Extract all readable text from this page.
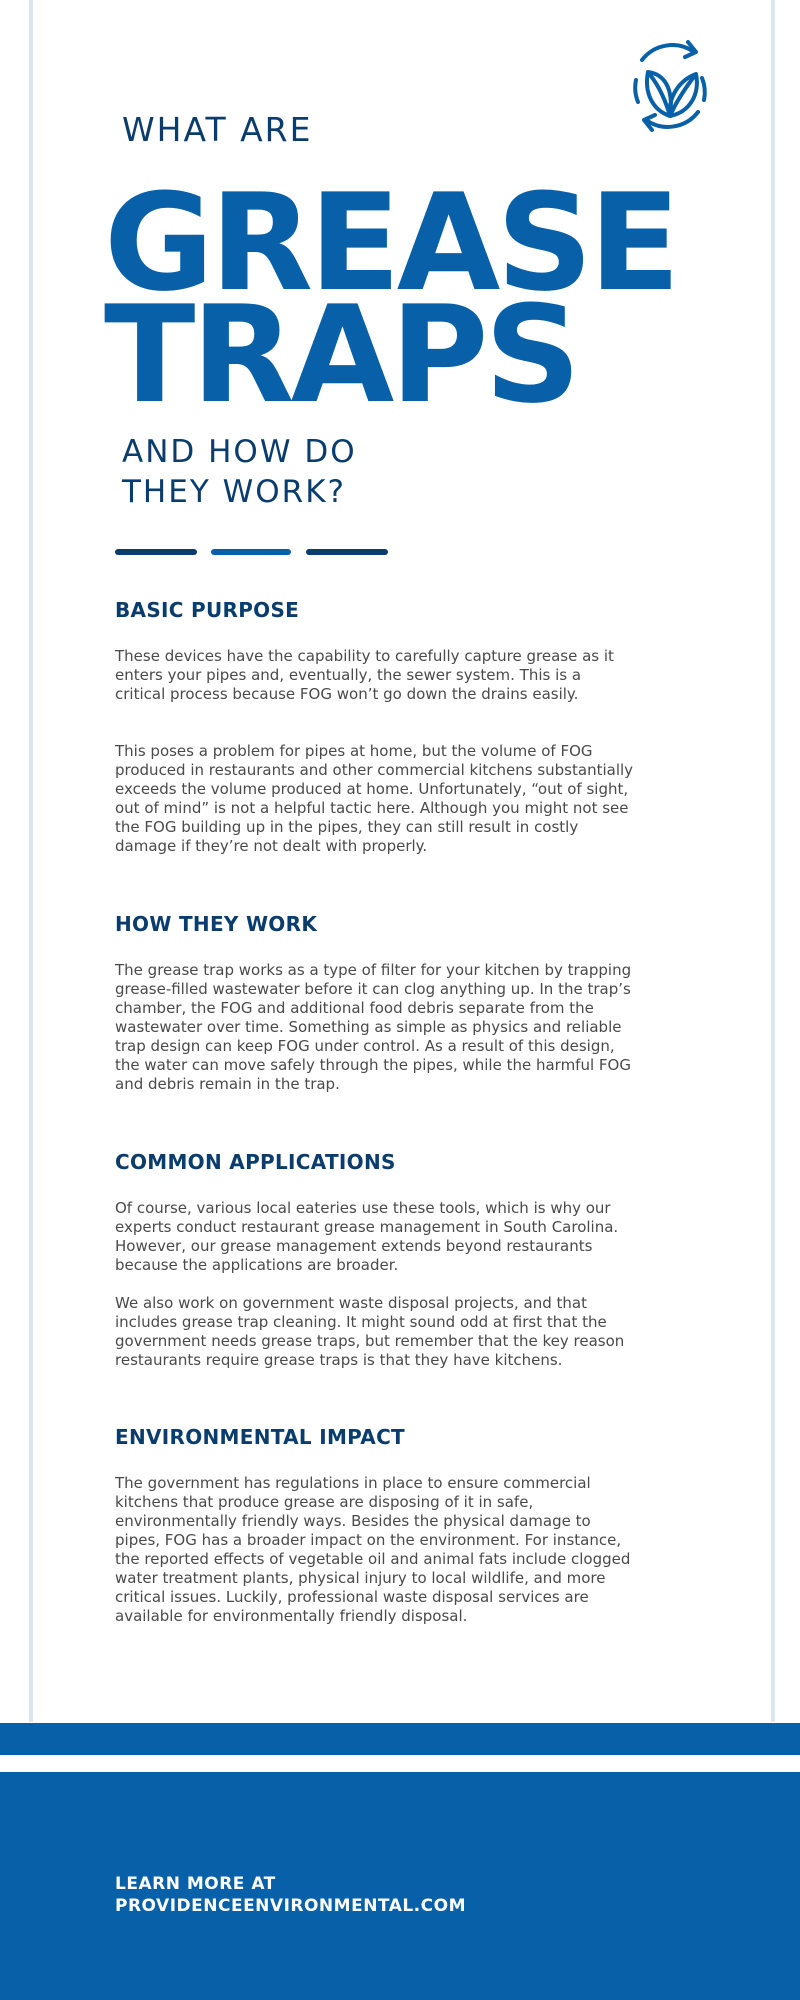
WHAT ARE
GREASE
TRAPS
AND HOW DO
THEY WORK?
BASIC PURPOSE

These devices have the capability to carefully capture grease as it enters your pipes and, eventually, the sewer system. This is a critical process because FOG won’t go down the drains easily.

This poses a problem for pipes at home, but the volume of FOG produced in restaurants and other commercial kitchens substantially exceeds the volume produced at home. Unfortunately, “out of sight, out of mind” is not a helpful tactic here. Although you might not see the FOG building up in the pipes, they can still result in costly damage if they’re not dealt with properly.

HOW THEY WORK

The grease trap works as a type of filter for your kitchen by trapping grease-filled wastewater before it can clog anything up. In the trap’s chamber, the FOG and additional food debris separate from the wastewater over time. Something as simple as physics and reliable trap design can keep FOG under control. As a result of this design, the water can move safely through the pipes, while the harmful FOG and debris remain in the trap.

COMMON APPLICATIONS

Of course, various local eateries use these tools, which is why our experts conduct restaurant grease management in South Carolina. However, our grease management extends beyond restaurants because the applications are broader.

We also work on government waste disposal projects, and that includes grease trap cleaning. It might sound odd at first that the government needs grease traps, but remember that the key reason restaurants require grease traps is that they have kitchens.

ENVIRONMENTAL IMPACT

The government has regulations in place to ensure commercial kitchens that produce grease are disposing of it in safe, environmentally friendly ways. Besides the physical damage to pipes, FOG has a broader impact on the environment. For instance, the reported effects of vegetable oil and animal fats include clogged water treatment plants, physical injury to local wildlife, and more critical issues. Luckily, professional waste disposal services are available for environmentally friendly disposal.

LEARN MORE AT
PROVIDENCEENVIRONMENTAL.COM
